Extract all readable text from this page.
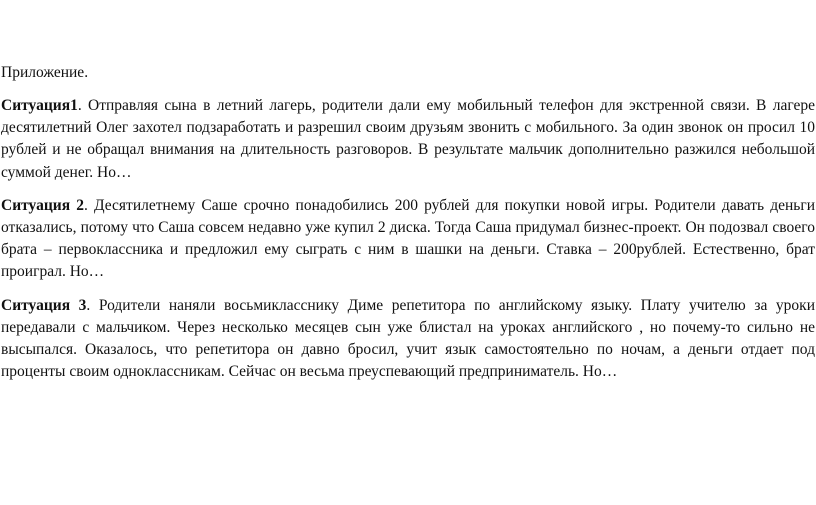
Приложение.

Ситуация1. Отправляя сына в летний лагерь, родители дали ему мобильный телефон для экстренной связи. В лагере десятилетний Олег захотел подзаработать и разрешил своим друзьям звонить с мобильного. За один звонок он просил 10 рублей и не обращал внимания на длительность разговоров. В результате мальчик дополнительно разжился небольшой суммой денег. Но…

Ситуация 2. Десятилетнему Саше срочно понадобились 200 рублей для покупки новой игры. Родители давать деньги отказались, потому что Саша совсем недавно уже купил 2 диска. Тогда Саша придумал бизнес-проект. Он подозвал своего брата – первоклассника и предложил ему сыграть с ним в шашки на деньги. Ставка – 200рублей. Естественно, брат проиграл. Но…

Ситуация 3. Родители наняли восьмикласснику Диме репетитора по английскому языку. Плату учителю за уроки передавали с мальчиком. Через несколько месяцев сын уже блистал на уроках английского , но почему-то сильно не высыпался. Оказалось, что репетитора он давно бросил, учит язык самостоятельно по ночам, а деньги отдает под проценты своим одноклассникам. Сейчас он весьма преуспевающий предприниматель. Но…
